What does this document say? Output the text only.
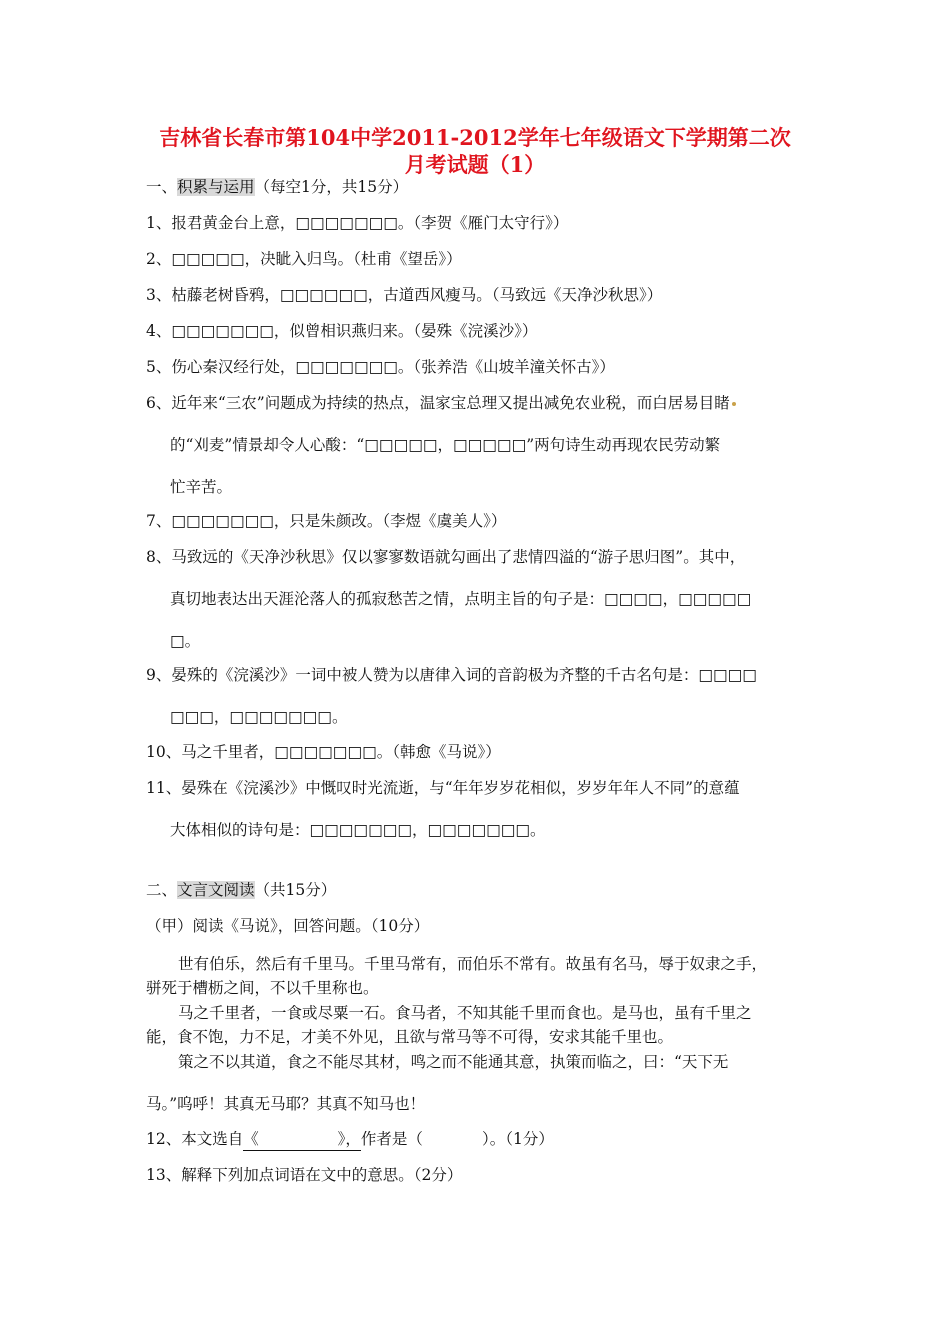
吉林省长春市第104中学2011-2012学年七年级语文下学期第二次
月考试题（1）
一、积累与运用（每空1分，共15分）
1、报君黄金台上意，□□□□□□□。（李贺《雁门太守行》）
2、□□□□□，决眦入归鸟。（杜甫《望岳》）
3、枯藤老树昏鸦，□□□□□□，古道西风瘦马。（马致远《天净沙秋思》）
4、□□□□□□□，似曾相识燕归来。（晏殊《浣溪沙》）
5、伤心秦汉经行处，□□□□□□□。（张养浩《山坡羊潼关怀古》）
6、近年来“三农”问题成为持续的热点，温家宝总理又提出减免农业税，而白居易目睹
的“刈麦”情景却令人心酸：“□□□□□，□□□□□”两句诗生动再现农民劳动繁
忙辛苦。
7、□□□□□□□，只是朱颜改。（李煜《虞美人》）
8、马致远的《天净沙秋思》仅以寥寥数语就勾画出了悲情四溢的“游子思归图”。其中，
真切地表达出天涯沦落人的孤寂愁苦之情，点明主旨的句子是：□□□□，□□□□□
□。
9、晏殊的《浣溪沙》一词中被人赞为以唐律入词的音韵极为齐整的千古名句是：□□□□
□□□，□□□□□□□。
10、马之千里者，□□□□□□□。（韩愈《马说》）
11、晏殊在《浣溪沙》中慨叹时光流逝，与“年年岁岁花相似，岁岁年年人不同”的意蕴
大体相似的诗句是：□□□□□□□，□□□□□□□。
二、文言文阅读（共15分）
（甲）阅读《马说》，回答问题。（10分）
世有伯乐，然后有千里马。千里马常有，而伯乐不常有。故虽有名马，辱于奴隶之手，
骈死于槽枥之间，不以千里称也。
马之千里者，一食或尽粟一石。食马者，不知其能千里而食也。是马也，虽有千里之
能，食不饱，力不足，才美不外见，且欲与常马等不可得，安求其能千里也。
策之不以其道，食之不能尽其材，鸣之而不能通其意，执策而临之，曰：“天下无
马。”呜呼！其真无马耶？其真不知马也！
12、本文选自《                》，作者是（            ）。（1分）
13、解释下列加点词语在文中的意思。（2分）
